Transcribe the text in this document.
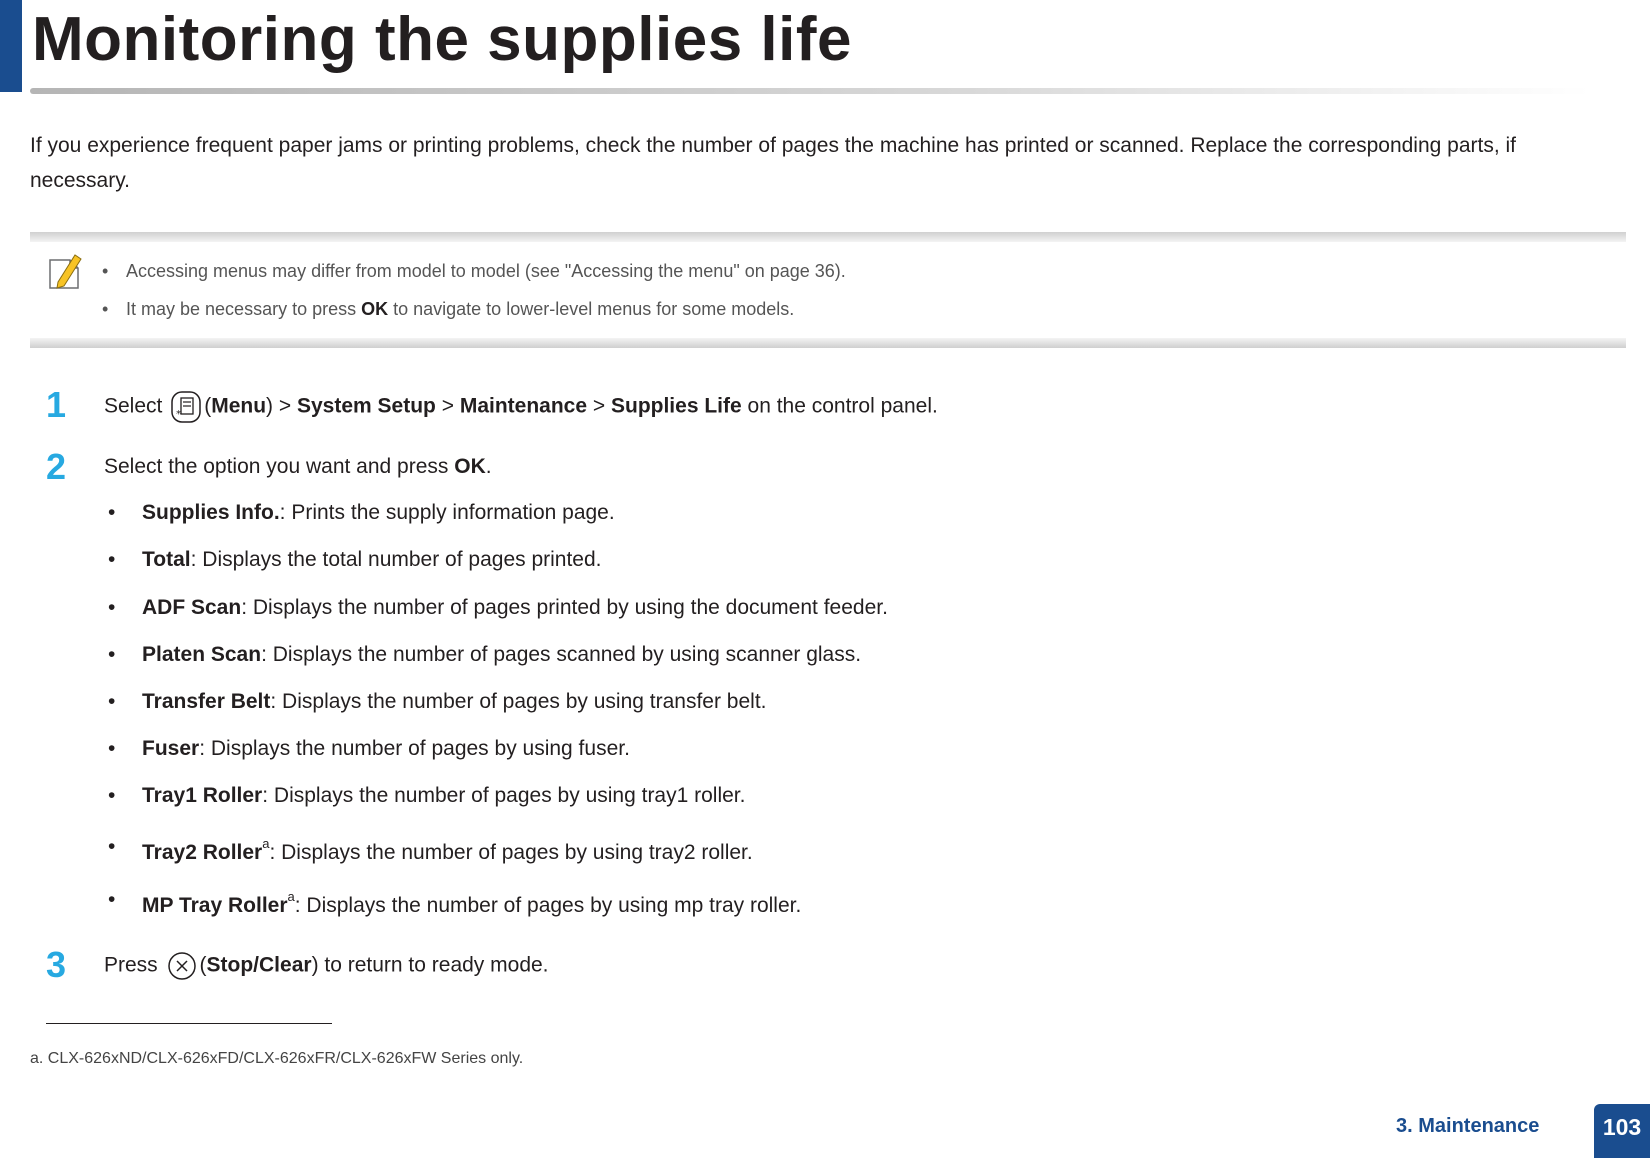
Monitoring the supplies life

If you experience frequent paper jams or printing problems, check the number of pages the machine has printed or scanned. Replace the corresponding parts, if necessary.

• Accessing menus may differ from model to model (see "Accessing the menu" on page 36).
• It may be necessary to press OK to navigate to lower-level menus for some models.
1 Select * (Menu) > System Setup > Maintenance > Supplies Life on the control panel.
2 Select the option you want and press OK.
• Supplies Info.: Prints the supply information page.
• Total: Displays the total number of pages printed.
• ADF Scan: Displays the number of pages printed by using the document feeder.
• Platen Scan: Displays the number of pages scanned by using scanner glass.
• Transfer Belt: Displays the number of pages by using transfer belt.
• Fuser: Displays the number of pages by using fuser.
• Tray1 Roller: Displays the number of pages by using tray1 roller.
• Tray2 Roller$^a$: Displays the number of pages by using tray2 roller.
• MP Tray Roller$^a$: Displays the number of pages by using mp tray roller.
3 Press (Stop/Clear) to return to ready mode.
a. CLX-626xND/CLX-626xFD/CLX-626xFR/CLX-626xFW Series only.
3. Maintenance	103
